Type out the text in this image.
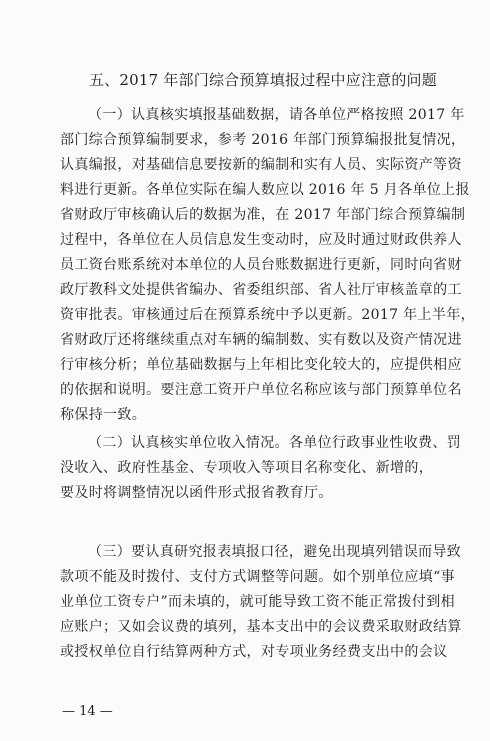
五、2017 年部门综合预算填报过程中应注意的问题
（一）认真核实填报基础数据，请各单位严格按照 2017 年
部门综合预算编制要求，参考 2016 年部门预算编报批复情况，
认真编报，对基础信息要按新的编制和实有人员、实际资产等资
料进行更新。各单位实际在编人数应以 2016 年 5 月各单位上报
省财政厅审核确认后的数据为准，在 2017 年部门综合预算编制
过程中，各单位在人员信息发生变动时，应及时通过财政供养人
员工资台账系统对本单位的人员台账数据进行更新，同时向省财
政厅教科文处提供省编办、省委组织部、省人社厅审核盖章的工
资审批表。审核通过后在预算系统中予以更新。2017 年上半年，
省财政厅还将继续重点对车辆的编制数、实有数以及资产情况进
行审核分析；单位基础数据与上年相比变化较大的，应提供相应
的依据和说明。要注意工资开户单位名称应该与部门预算单位名
称保持一致。
（二）认真核实单位收入情况。各单位行政事业性收费、罚
没收入、政府性基金、专项收入等项目名称变化、新增的，
要及时将调整情况以函件形式报省教育厅。
（三）要认真研究报表填报口径，避免出现填列错误而导致
款项不能及时拨付、支付方式调整等问题。如个别单位应填“事
业单位工资专户”而未填的，就可能导致工资不能正常拨付到相
应账户；又如会议费的填列，基本支出中的会议费采取财政结算
或授权单位自行结算两种方式，对专项业务经费支出中的会议
— 14 —
